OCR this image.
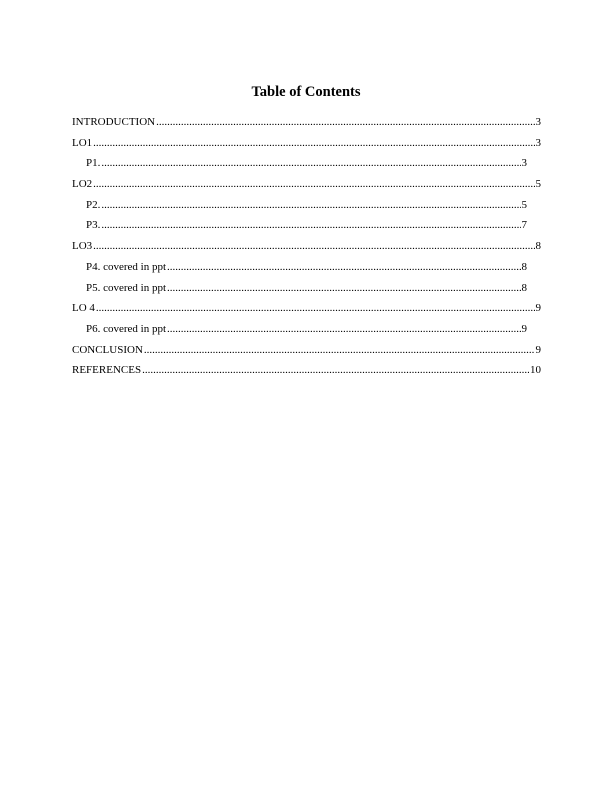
Table of Contents
INTRODUCTION .....	3
LO1 .....	3
P1. .....	3
LO2 .....	5
P2. .....	5
P3. .....	7
LO3 .....	8
P4. covered in ppt .....	8
P5. covered in ppt .....	8
LO 4 .....	9
P6. covered in ppt .....	9
CONCLUSION .....	9
REFERENCES .....	10
